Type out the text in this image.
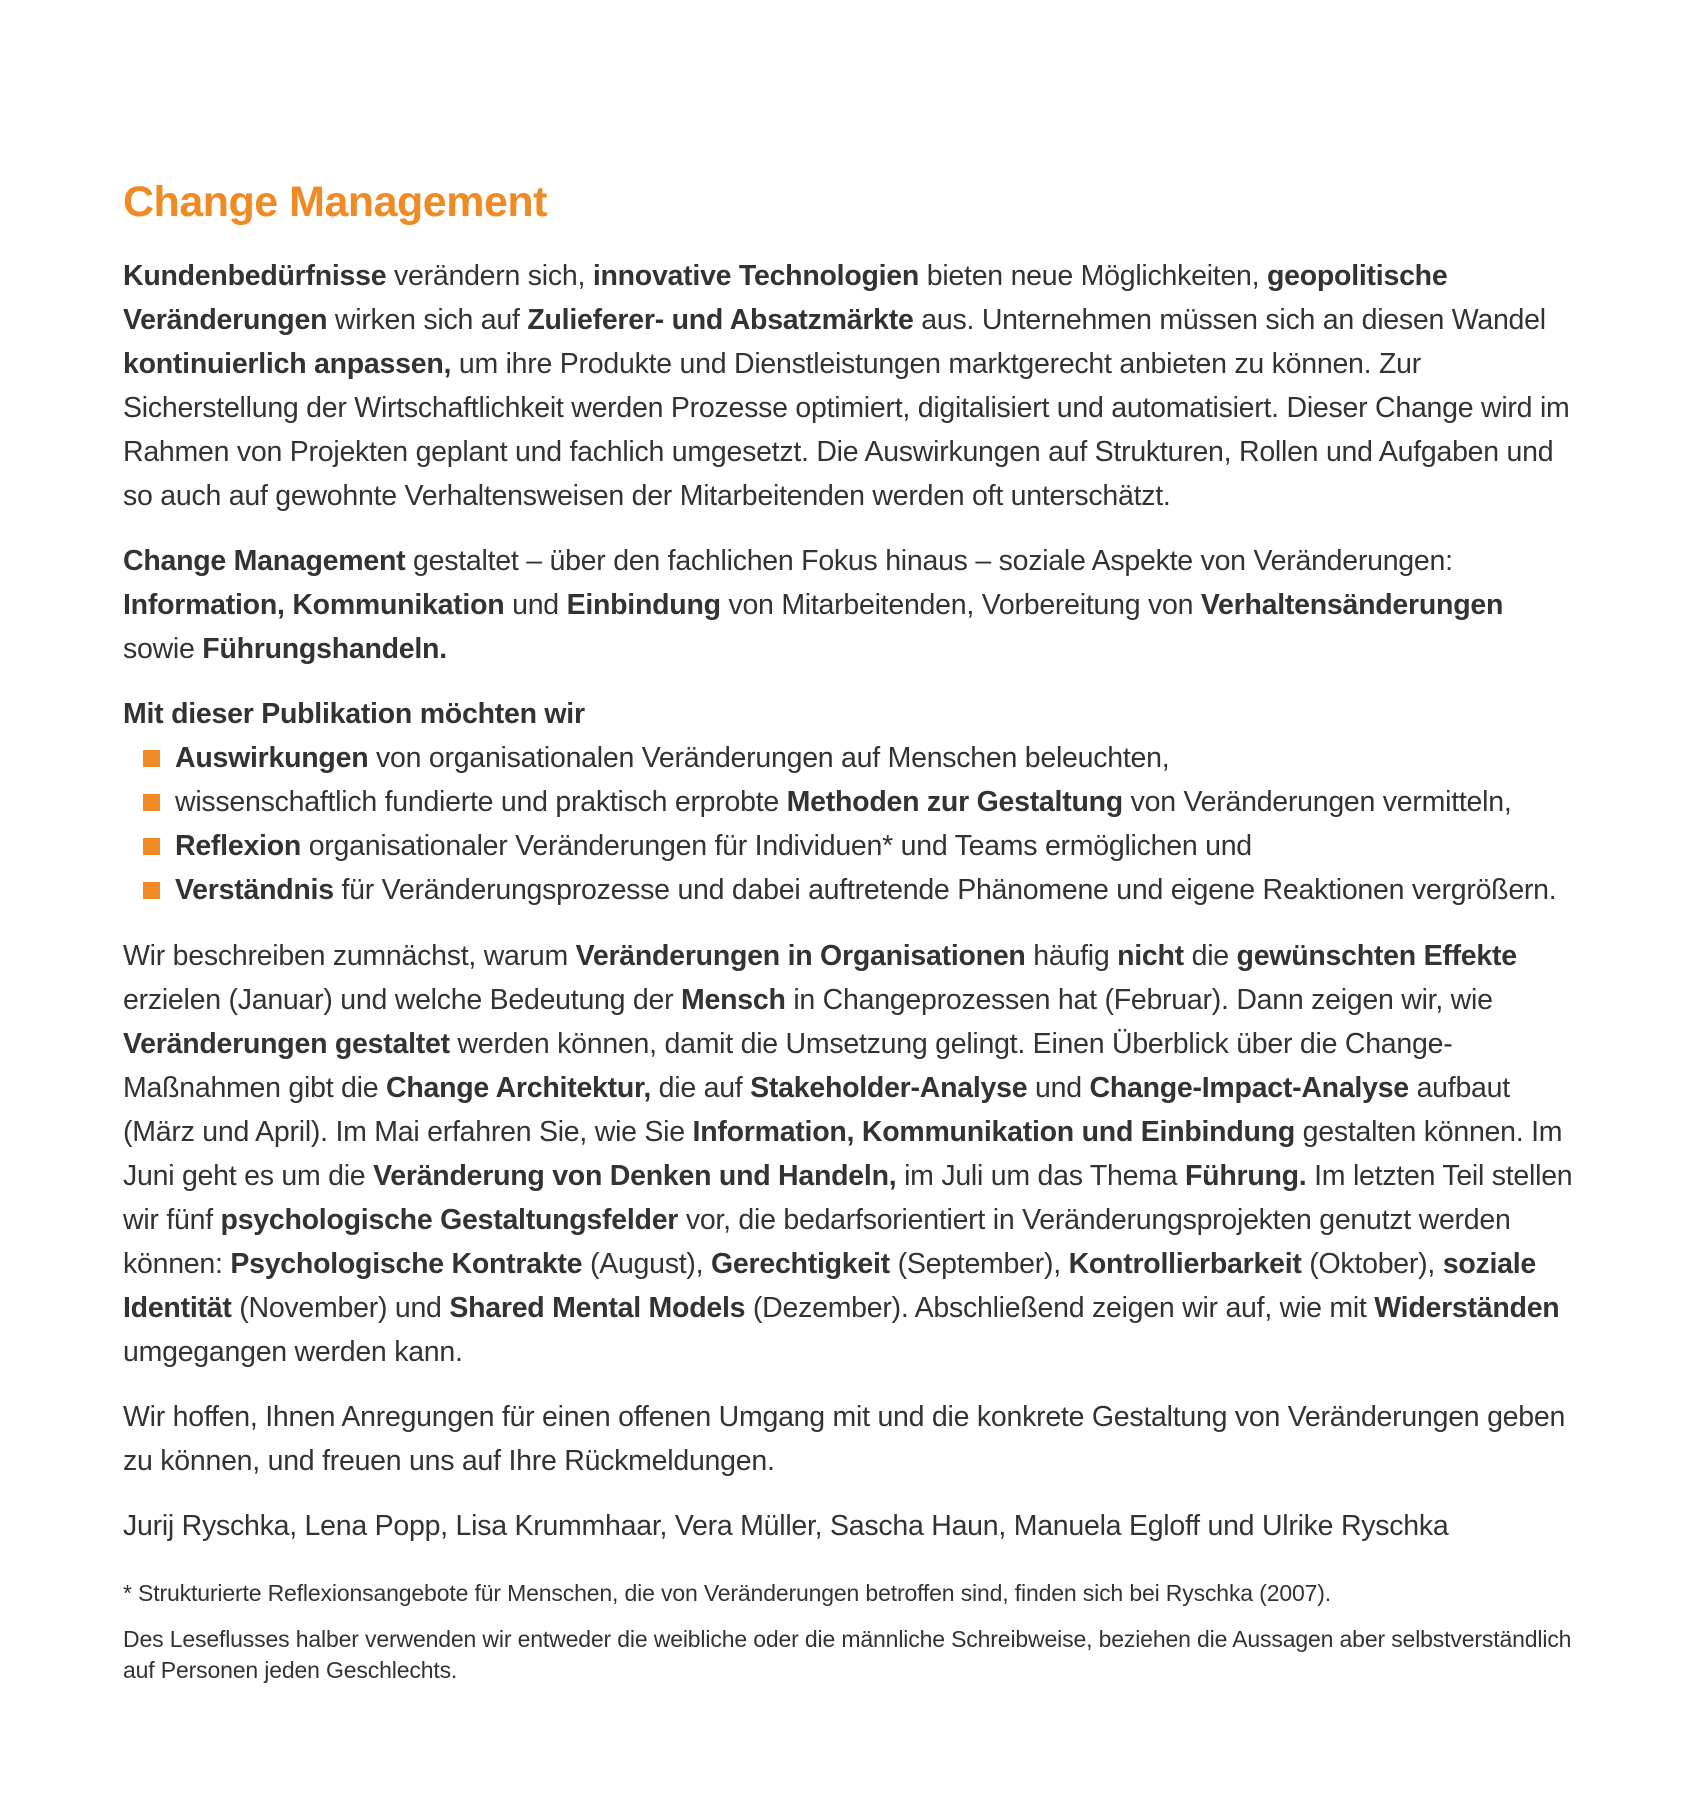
Change Management

Kundenbedürfnisse verändern sich, innovative Technologien bieten neue Möglichkeiten, geopolitische Veränderungen wirken sich auf Zulieferer- und Absatzmärkte aus. Unternehmen müssen sich an diesen Wandel kontinuierlich anpassen, um ihre Produkte und Dienstleistungen marktgerecht anbieten zu können. Zur Sicherstellung der Wirtschaftlichkeit werden Prozesse optimiert, digitalisiert und automatisiert. Dieser Change wird im Rahmen von Projekten geplant und fachlich umgesetzt. Die Auswirkungen auf Strukturen, Rollen und Aufgaben und so auch auf gewohnte Verhaltensweisen der Mitarbeitenden werden oft unterschätzt.

Change Management gestaltet – über den fachlichen Fokus hinaus – soziale Aspekte von Veränderungen: Information, Kommunikation und Einbindung von Mitarbeitenden, Vorbereitung von Verhaltensänderungen sowie Führungshandeln.

Mit dieser Publikation möchten wir

Auswirkungen von organisationalen Veränderungen auf Menschen beleuchten,
wissenschaftlich fundierte und praktisch erprobte Methoden zur Gestaltung von Veränderungen vermitteln,
Reflexion organisationaler Veränderungen für Individuen* und Teams ermöglichen und
Verständnis für Veränderungsprozesse und dabei auftretende Phänomene und eigene Reaktionen vergrößern.

Wir beschreiben zumnächst, warum Veränderungen in Organisationen häufig nicht die gewünschten Effekte erzielen (Januar) und welche Bedeutung der Mensch in Changeprozessen hat (Februar). Dann zeigen wir, wie Veränderungen gestaltet werden können, damit die Umsetzung gelingt. Einen Überblick über die Change-Maßnahmen gibt die Change Architektur, die auf Stakeholder-Analyse und Change-Impact-Analyse aufbaut (März und April). Im Mai erfahren Sie, wie Sie Information, Kommunikation und Einbindung gestalten können. Im Juni geht es um die Veränderung von Denken und Handeln, im Juli um das Thema Führung. Im letzten Teil stellen wir fünf psychologische Gestaltungsfelder vor, die bedarfsorientiert in Veränderungsprojekten genutzt werden können: Psychologische Kontrakte (August), Gerechtigkeit (September), Kontrollierbarkeit (Oktober), soziale Identität (November) und Shared Mental Models (Dezember). Abschließend zeigen wir auf, wie mit Widerständen umgegangen werden kann.

Wir hoffen, Ihnen Anregungen für einen offenen Umgang mit und die konkrete Gestaltung von Veränderungen geben zu können, und freuen uns auf Ihre Rückmeldungen.

Jurij Ryschka, Lena Popp, Lisa Krummhaar, Vera Müller, Sascha Haun, Manuela Egloff und Ulrike Ryschka

* Strukturierte Reflexionsangebote für Menschen, die von Veränderungen betroffen sind, finden sich bei Ryschka (2007).

Des Leseflusses halber verwenden wir entweder die weibliche oder die männliche Schreibweise, beziehen die Aussagen aber selbstverständlich auf Personen jeden Geschlechts.
